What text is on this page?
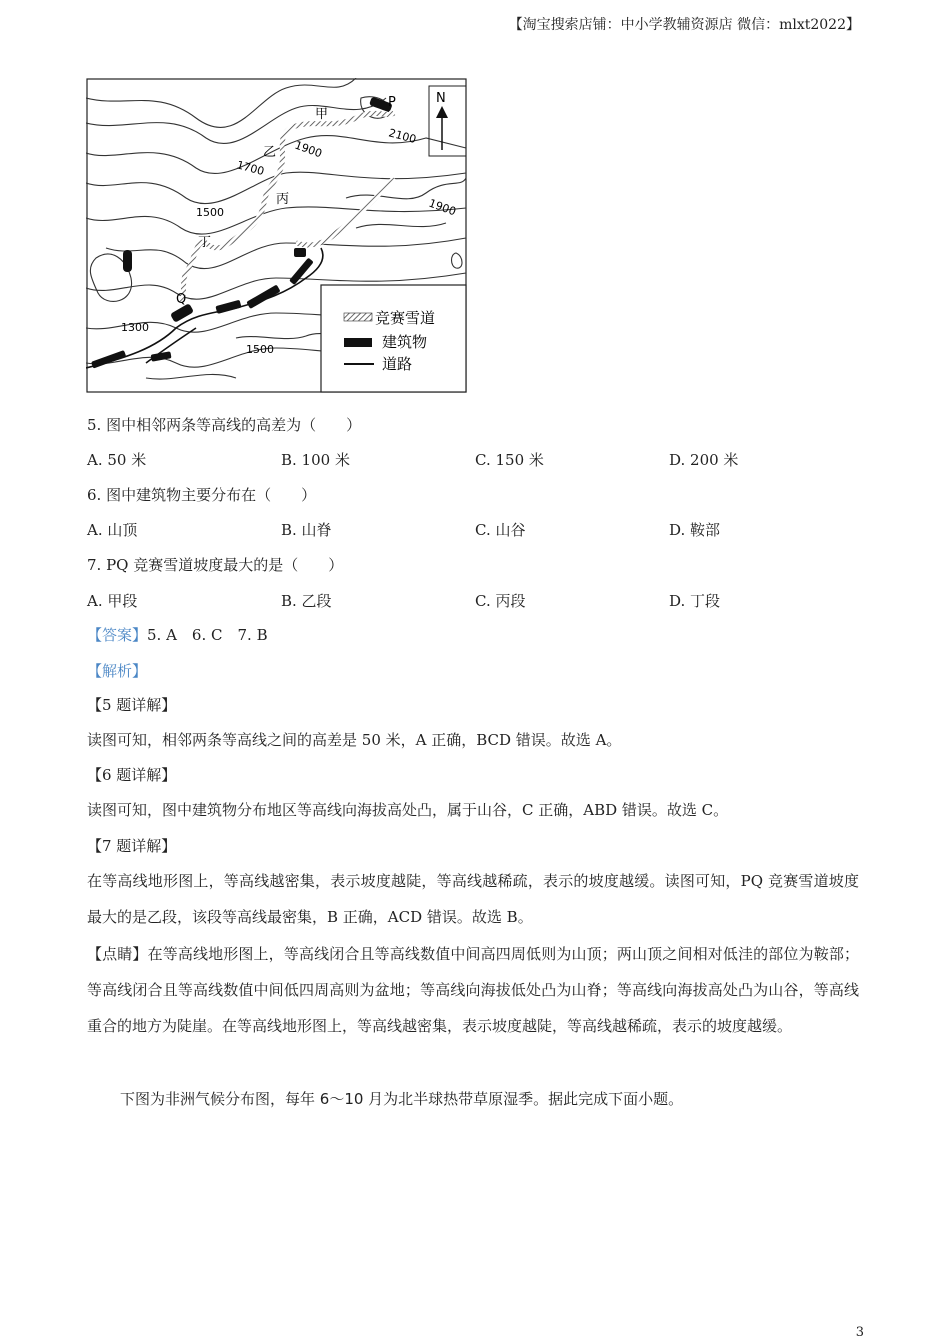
【淘宝搜索店铺：中小学教辅资源店 微信：mlxt2022】
N
甲
乙
丙
丁
P
Q
2100
1900
1700
1500	1900
1300
1500
竞赛雪道
建筑物
道路
5. 图中相邻两条等高线的高差为（　　）
A. 50 米	B. 100 米	C. 150 米	D. 200 米
6. 图中建筑物主要分布在（　　）
A. 山顶	B. 山脊	C. 山谷	D. 鞍部
7. PQ 竞赛雪道坡度最大的是（　　）
A. 甲段	B. 乙段	C. 丙段	D. 丁段
【答案】5. A　6. C　7. B
【解析】
【5 题详解】
读图可知，相邻两条等高线之间的高差是 50 米，A 正确，BCD 错误。故选 A。
【6 题详解】
读图可知，图中建筑物分布地区等高线向海拔高处凸，属于山谷，C 正确，ABD 错误。故选 C。
【7 题详解】
在等高线地形图上，等高线越密集，表示坡度越陡，等高线越稀疏，表示的坡度越缓。读图可知，PQ 竞赛雪道坡度最大的是乙段，该段等高线最密集，B 正确，ACD 错误。故选 B。
【点睛】在等高线地形图上，等高线闭合且等高线数值中间高四周低则为山顶；两山顶之间相对低洼的部位为鞍部；等高线闭合且等高线数值中间低四周高则为盆地；等高线向海拔低处凸为山脊；等高线向海拔高处凸为山谷，等高线重合的地方为陡崖。在等高线地形图上，等高线越密集，表示坡度越陡，等高线越稀疏，表示的坡度越缓。
下图为非洲气候分布图，每年 6～10 月为北半球热带草原湿季。据此完成下面小题。
3
